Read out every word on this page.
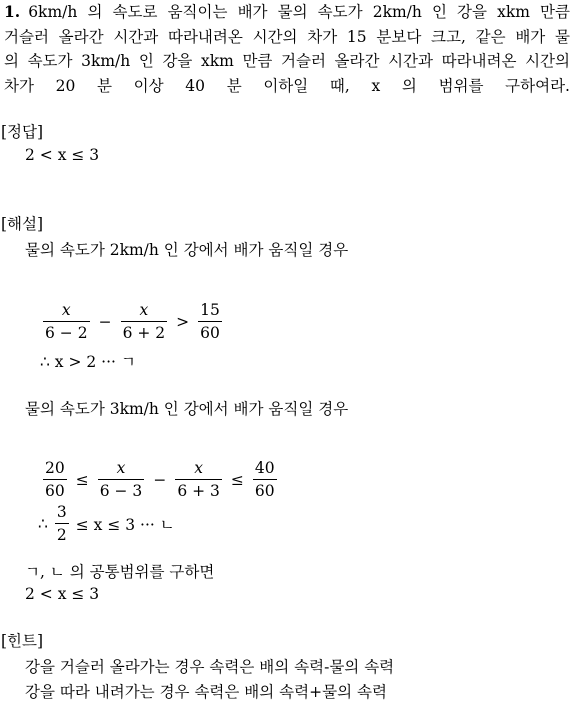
1. 6km/h 의 속도로 움직이는 배가 물의 속도가 2km/h 인 강을 xkm 만큼
거슬러 올라간 시간과 따라내려온 시간의 차가 15 분보다 크고, 같은 배가 물
의 속도가 3km/h 인 강을 xkm 만큼 거슬러 올라간 시간과 따라내려온 시간의
차가 20 분 이상 40 분 이하일 때, x 의 범위를 구하여라.
[정답]
2 < x ≤ 3
[해설]
물의 속도가 2km/h 인 강에서 배가 움직일 경우
$\frac{x}{6 - 2} - \frac{x}{6 + 2} > \frac{15}{60}$
∴ x > 2 ··· ㄱ
물의 속도가 3km/h 인 강에서 배가 움직일 경우
$\frac{20}{60} \le \frac{x}{6 - 3} - \frac{x}{6 + 3} \le \frac{40}{60}$
∴ $\frac{3}{2} \le x \le 3$ ··· ㄴ
ㄱ, ㄴ 의 공통범위를 구하면
2 < x ≤ 3
[힌트]
강을 거슬러 올라가는 경우 속력은 배의 속력-물의 속력
강을 따라 내려가는 경우 속력은 배의 속력+물의 속력
